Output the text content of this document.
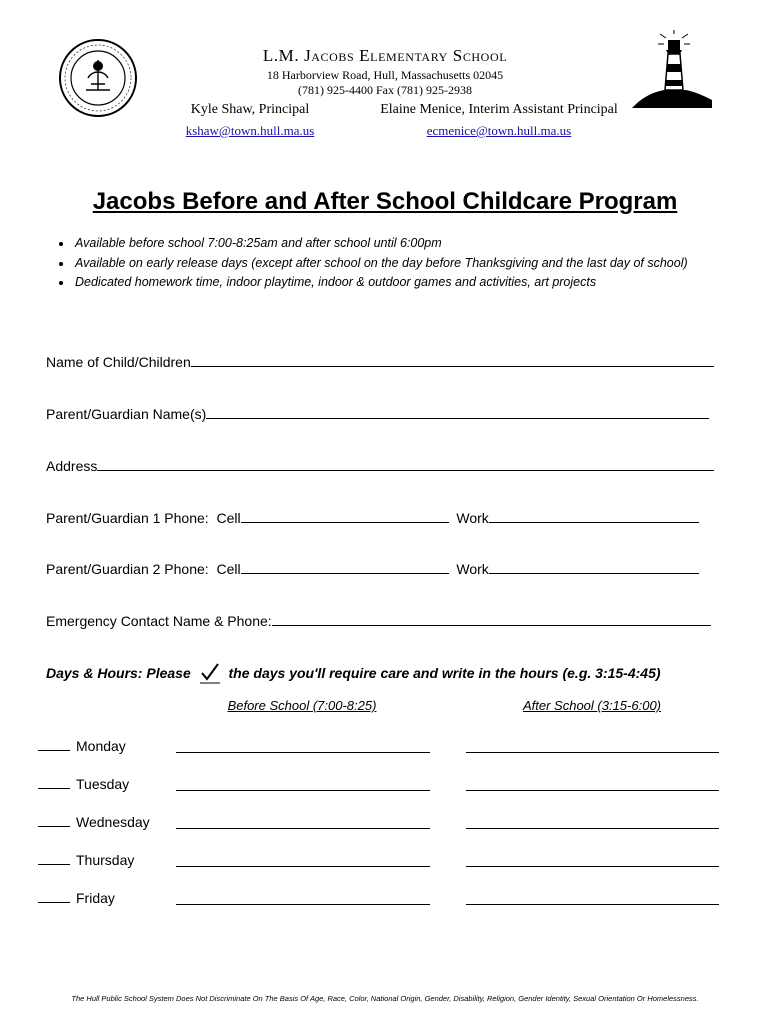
L.M. Jacobs Elementary School
18 Harborview Road, Hull, Massachusetts 02045
(781) 925-4400 Fax (781) 925-2938
Kyle Shaw, Principal
kshaw@town.hull.ma.us
Elaine Menice, Interim Assistant Principal
ecmenice@town.hull.ma.us
Jacobs Before and After School Childcare Program
• Available before school 7:00-8:25am and after school until 6:00pm
• Available on early release days (except after school on the day before Thanksgiving and the last day of school)
• Dedicated homework time, indoor playtime, indoor & outdoor games and activities, art projects
Name of Child/Children
Parent/Guardian Name(s)
Address
Parent/Guardian 1 Phone: Cell	Work
Parent/Guardian 2 Phone: Cell	Work
Emergency Contact Name & Phone:
Days & Hours: Please	the days you'll require care and write in the hours (e.g. 3:15-4:45)
Before School (7:00-8:25)	After School (3:15-6:00)
Monday
Tuesday
Wednesday
Thursday
Friday
The Hull Public School System Does Not Discriminate On The Basis Of Age, Race, Color, National Origin, Gender, Disability, Religion, Gender Identity, Sexual Orientation Or Homelessness.
